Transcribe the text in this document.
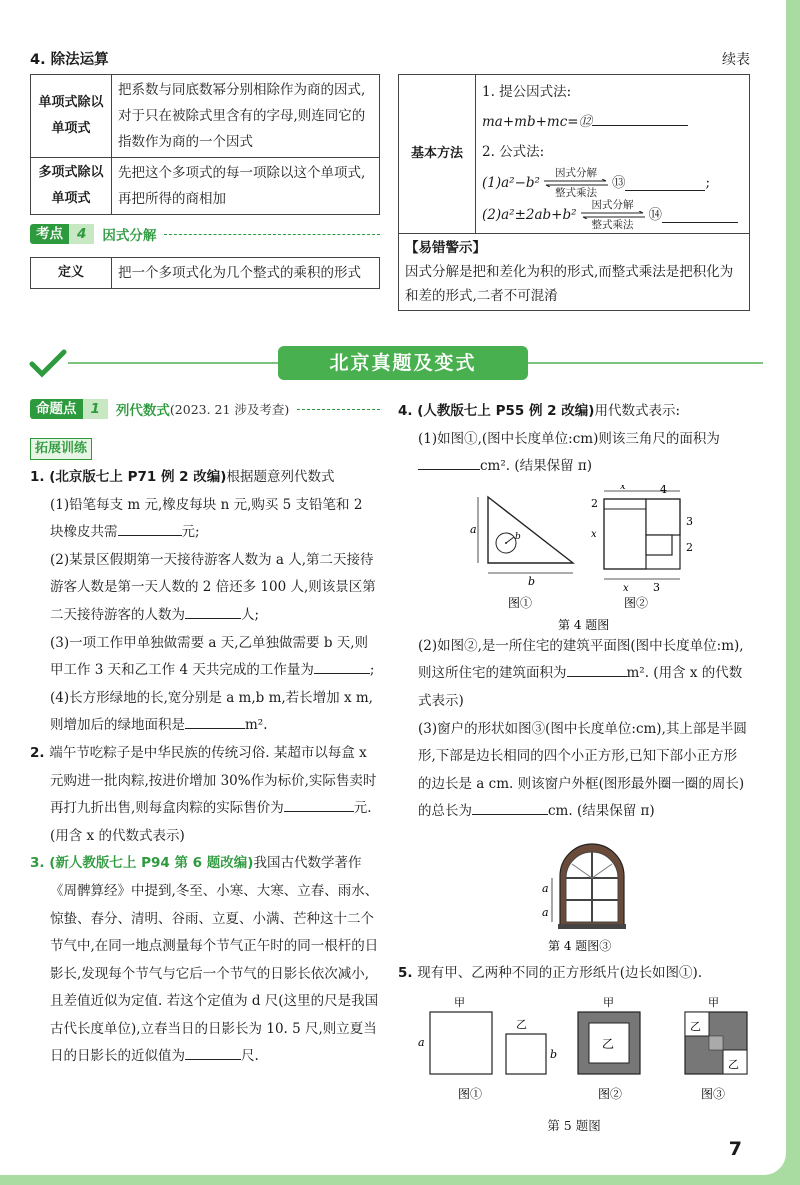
4. 除法运算
单项式除以单项式	把系数与同底数幂分别相除作为商的因式,对于只在被除式里含有的字母,则连同它的指数作为商的一个因式
多项式除以单项式	先把这个多项式的每一项除以这个单项式,再把所得的商相加
考点	4	因式分解
定义	把一个多项式化为几个整式的乘积的形式
续表
基本方法	
1. 提公因式法:
ma+mb+mc=⑫
2. 公式法:
(1)a²−b²
因式分解
整式乘法
⑬	;
(2)a²±2ab+b²
因式分解
整式乘法
⑭

【易错警示】
因式分解是把和差化为积的形式,而整式乘法是把积化为和差的形式,二者不可混淆
北京真题及变式
命题点	1	列代数式 (2023. 21 涉及考查)
拓展训练

1. (北京版七上 P71 例 2 改编)根据题意列代数式

(1)铅笔每支 m 元,橡皮每块 n 元,购买 5 支铅笔和 2 块橡皮共需	元;

(2)某景区假期第一天接待游客人数为 a 人,第二天接待游客人数是第一天人数的 2 倍还多 100 人,则该景区第二天接待游客的人数为	人;

(3)一项工作甲单独做需要 a 天,乙单独做需要 b 天,则甲工作 3 天和乙工作 4 天共完成的工作量为	;

(4)长方形绿地的长,宽分别是 a m,b m,若长增加 x m,则增加后的绿地面积是	m².

2. 端午节吃粽子是中华民族的传统习俗. 某超市以每盒 x 元购进一批肉粽,按进价增加 30%作为标价,实际售卖时再打九折出售,则每盒肉粽的实际售价为	元. (用含 x 的代数式表示)

3. (新人教版七上 P94 第 6 题改编)我国古代数学著作《周髀算经》中提到,冬至、小寒、大寒、立春、雨水、惊蛰、春分、清明、谷雨、立夏、小满、芒种这十二个节气中,在同一地点测量每个节气正午时的同一根杆的日影长,发现每个节气与它后一个节气的日影长依次减小,且差值近似为定值. 若这个定值为 d 尺(这里的尺是我国古代长度单位),立春当日的日影长为 10. 5 尺,则立夏当日的日影长的近似值为	尺.

4. (人教版七上 P55 例 2 改编)用代数式表示:

(1)如图①,(图中长度单位:cm)则该三角尺的面积为cm². (结果保留 π)

b
a
b
图①
x	4
2
x
3
2
x 3
图②
第 4 题图

(2)如图②,是一所住宅的建筑平面图(图中长度单位:m),则这所住宅的建筑面积为	m². (用含 x 的代数式表示)

(3)窗户的形状如图③(图中长度单位:cm),其上部是半圆形,下部是边长相同的四个小正方形,已知下部小正方形的边长是 a cm. 则该窗户外框(图形最外圈一圈的周长)的总长为	cm. (结果保留 π)

a
a
第 4 题图③

5. 现有甲、乙两种不同的正方形纸片(边长如图①).

甲
a
乙
b
图①
甲
乙
图②
甲
乙
乙
图③
第 5 题图
7
